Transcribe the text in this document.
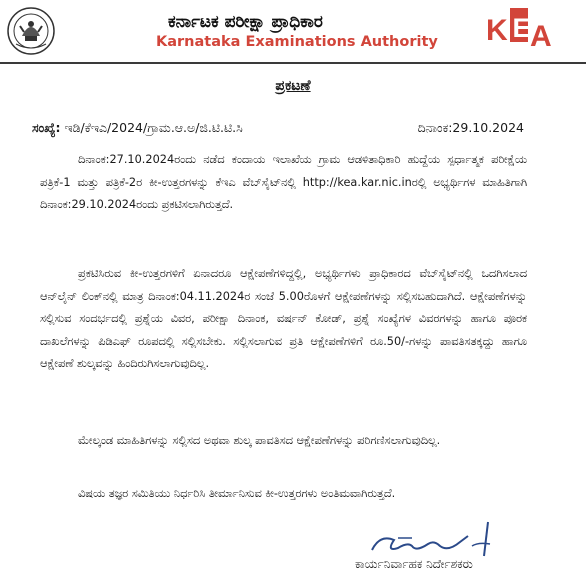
ಕರ್ನಾಟಕ ಪರೀಕ್ಷಾ ಪ್ರಾಧಿಕಾರ
Karnataka Examinations Authority K E A
ಪ್ರಕಟಣೆ
ಸಂಖ್ಯೆ: ಇಡಿ/ಕೆಇಎ/2024/ಗ್ರಾಮ.ಆ.ಅ/ಜಿ.ಟಿ.ಟಿ.ಸಿ	ದಿನಾಂಕ:29.10.2024

ದಿನಾಂಕ:27.10.2024ರಂದು ನಡೆದ ಕಂದಾಯ ಇಲಾಖೆಯ ಗ್ರಾಮ ಆಡಳಿತಾಧಿಕಾರಿ ಹುದ್ದೆಯ ಸ್ಪರ್ಧಾತ್ಮಕ ಪರೀಕ್ಷೆಯ ಪತ್ರಿಕೆ-1 ಮತ್ತು ಪತ್ರಿಕೆ-2ರ ಕೀ-ಉತ್ತರಗಳನ್ನು ಕೆಇಎ ವೆಬ್‌ಸೈಟ್‌ನಲ್ಲಿ http://kea.kar.nic.inರಲ್ಲಿ ಅಭ್ಯರ್ಥಿಗಳ ಮಾಹಿತಿಗಾಗಿ ದಿನಾಂಕ:29.10.2024ರಂದು ಪ್ರಕಟಿಸಲಾಗಿರುತ್ತದೆ.

ಪ್ರಕಟಿಸಿರುವ ಕೀ-ಉತ್ತರಗಳಿಗೆ ಏನಾದರೂ ಆಕ್ಷೇಪಣೆಗಳಿದ್ದಲ್ಲಿ, ಅಭ್ಯರ್ಥಿಗಳು ಪ್ರಾಧಿಕಾರದ ವೆಬ್‌ಸೈಟ್‌ನಲ್ಲಿ ಒದಗಿಸಲಾದ ಆನ್‌ಲೈನ್ ಲಿಂಕ್‌ನಲ್ಲಿ ಮಾತ್ರ ದಿನಾಂಕ:04.11.2024ರ ಸಂಜೆ 5.00ರೊಳಗೆ ಆಕ್ಷೇಪಣೆಗಳನ್ನು ಸಲ್ಲಿಸಬಹುದಾಗಿದೆ. ಆಕ್ಷೇಪಣೆಗಳನ್ನು ಸಲ್ಲಿಸುವ ಸಂದರ್ಭದಲ್ಲಿ ಪ್ರಶ್ನೆಯ ವಿವರ, ಪರೀಕ್ಷಾ ದಿನಾಂಕ, ವರ್ಷನ್ ಕೋಡ್, ಪ್ರಶ್ನೆ ಸಂಖ್ಯೆಗಳ ವಿವರಗಳನ್ನು ಹಾಗೂ ಪೂರಕ ದಾಖಲೆಗಳನ್ನು ಪಿಡಿಎಫ್ ರೂಪದಲ್ಲಿ ಸಲ್ಲಿಸಬೇಕು. ಸಲ್ಲಿಸಲಾಗುವ ಪ್ರತಿ ಆಕ್ಷೇಪಣೆಗಳಿಗೆ ರೂ.50/-ಗಳನ್ನು ಪಾವತಿಸತಕ್ಕದ್ದು ಹಾಗೂ ಆಕ್ಷೇಪಣೆ ಶುಲ್ಕವನ್ನು ಹಿಂದಿರುಗಿಸಲಾಗುವುದಿಲ್ಲ.

ಮೇಲ್ಕಂಡ ಮಾಹಿತಿಗಳನ್ನು ಸಲ್ಲಿಸದ ಅಥವಾ ಶುಲ್ಕ ಪಾವತಿಸದ ಆಕ್ಷೇಪಣೆಗಳನ್ನು ಪರಿಗಣಿಸಲಾಗುವುದಿಲ್ಲ.

ವಿಷಯ ತಜ್ಞರ ಸಮಿತಿಯು ನಿರ್ಧರಿಸಿ ತೀರ್ಮಾನಿಸುವ ಕೀ-ಉತ್ತರಗಳು ಅಂತಿಮವಾಗಿರುತ್ತದೆ.

ಕಾರ್ಯನಿರ್ವಾಹಕ ನಿರ್ದೇಶಕರು
